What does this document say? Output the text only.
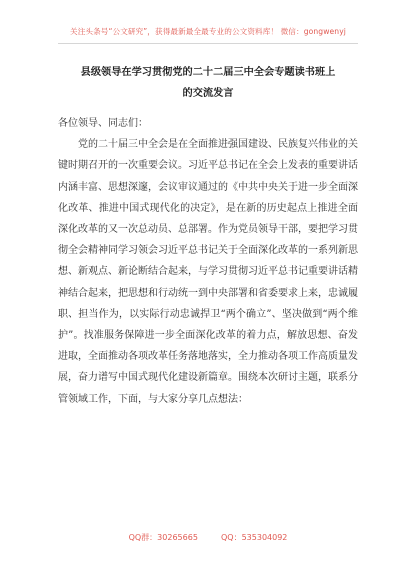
关注头条号“公文研究”，获得最新最全最专业的公文资料库！ 微信：gongwenyj
县级领导在学习贯彻党的二十二届三中全会专题读书班上
的交流发言

各位领导、同志们：

党的二十届三中全会是在全面推进强国建设、民族复兴伟业的关键时期召开的一次重要会议。习近平总书记在全会上发表的重要讲话内涵丰富、思想深邃，会议审议通过的《中共中央关于进一步全面深化改革、推进中国式现代化的决定》，是在新的历史起点上推进全面深化改革的又一次总动员、总部署。作为党员领导干部，要把学习贯彻全会精神同学习领会习近平总书记关于全面深化改革的一系列新思想、新观点、新论断结合起来，与学习贯彻习近平总书记重要讲话精神结合起来，把思想和行动统一到中央部署和省委要求上来，忠诚履职、担当作为，以实际行动忠诚捍卫“两个确立”、坚决做到“两个维护”。找准服务保障进一步全面深化改革的着力点，解放思想、奋发进取，全面推动各项改革任务落地落实，全力推动各项工作高质量发展，奋力谱写中国式现代化建设新篇章。围绕本次研讨主题，联系分管领域工作，下面，与大家分享几点想法：

QQ群：30265665	QQ：535304092
